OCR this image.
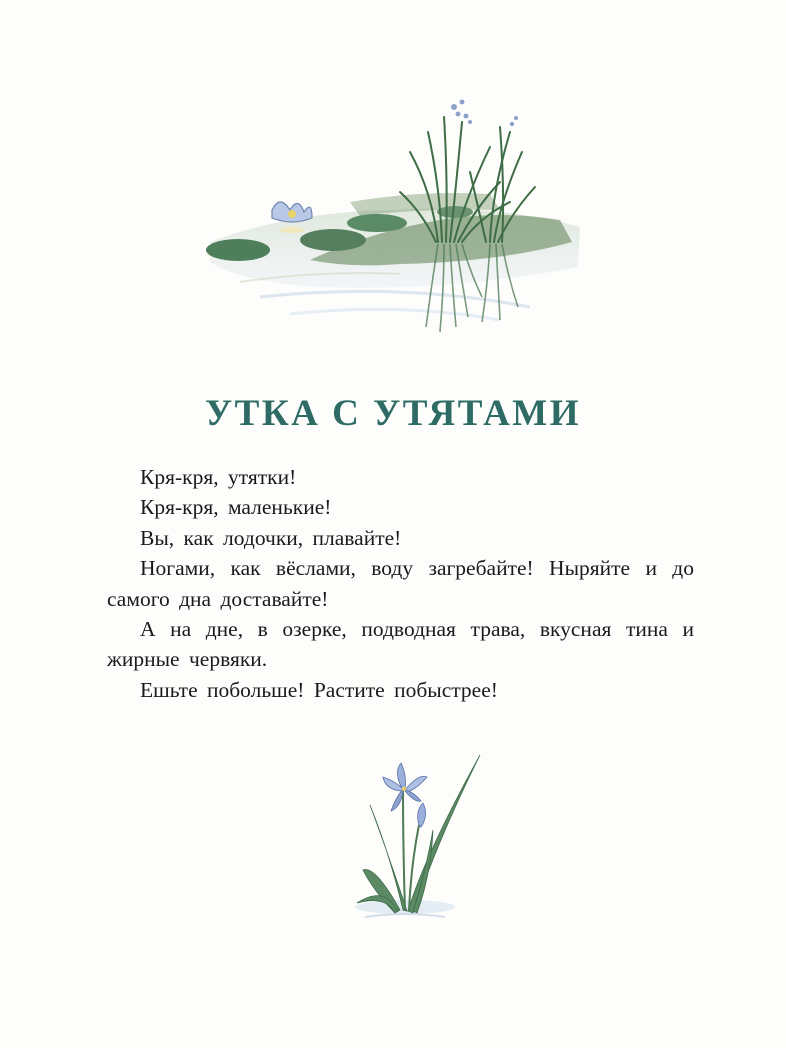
УТКА С УТЯТАМИ

Кря-кря, утятки!

Кря-кря, маленькие!

Вы, как лодочки, плавайте!

Ногами, как вёслами, воду загребайте! Ныряйте и до самого дна доставайте!

А на дне, в озерке, подводная трава, вкусная тина и жирные червяки.

Ешьте побольше! Растите побыстрее!
